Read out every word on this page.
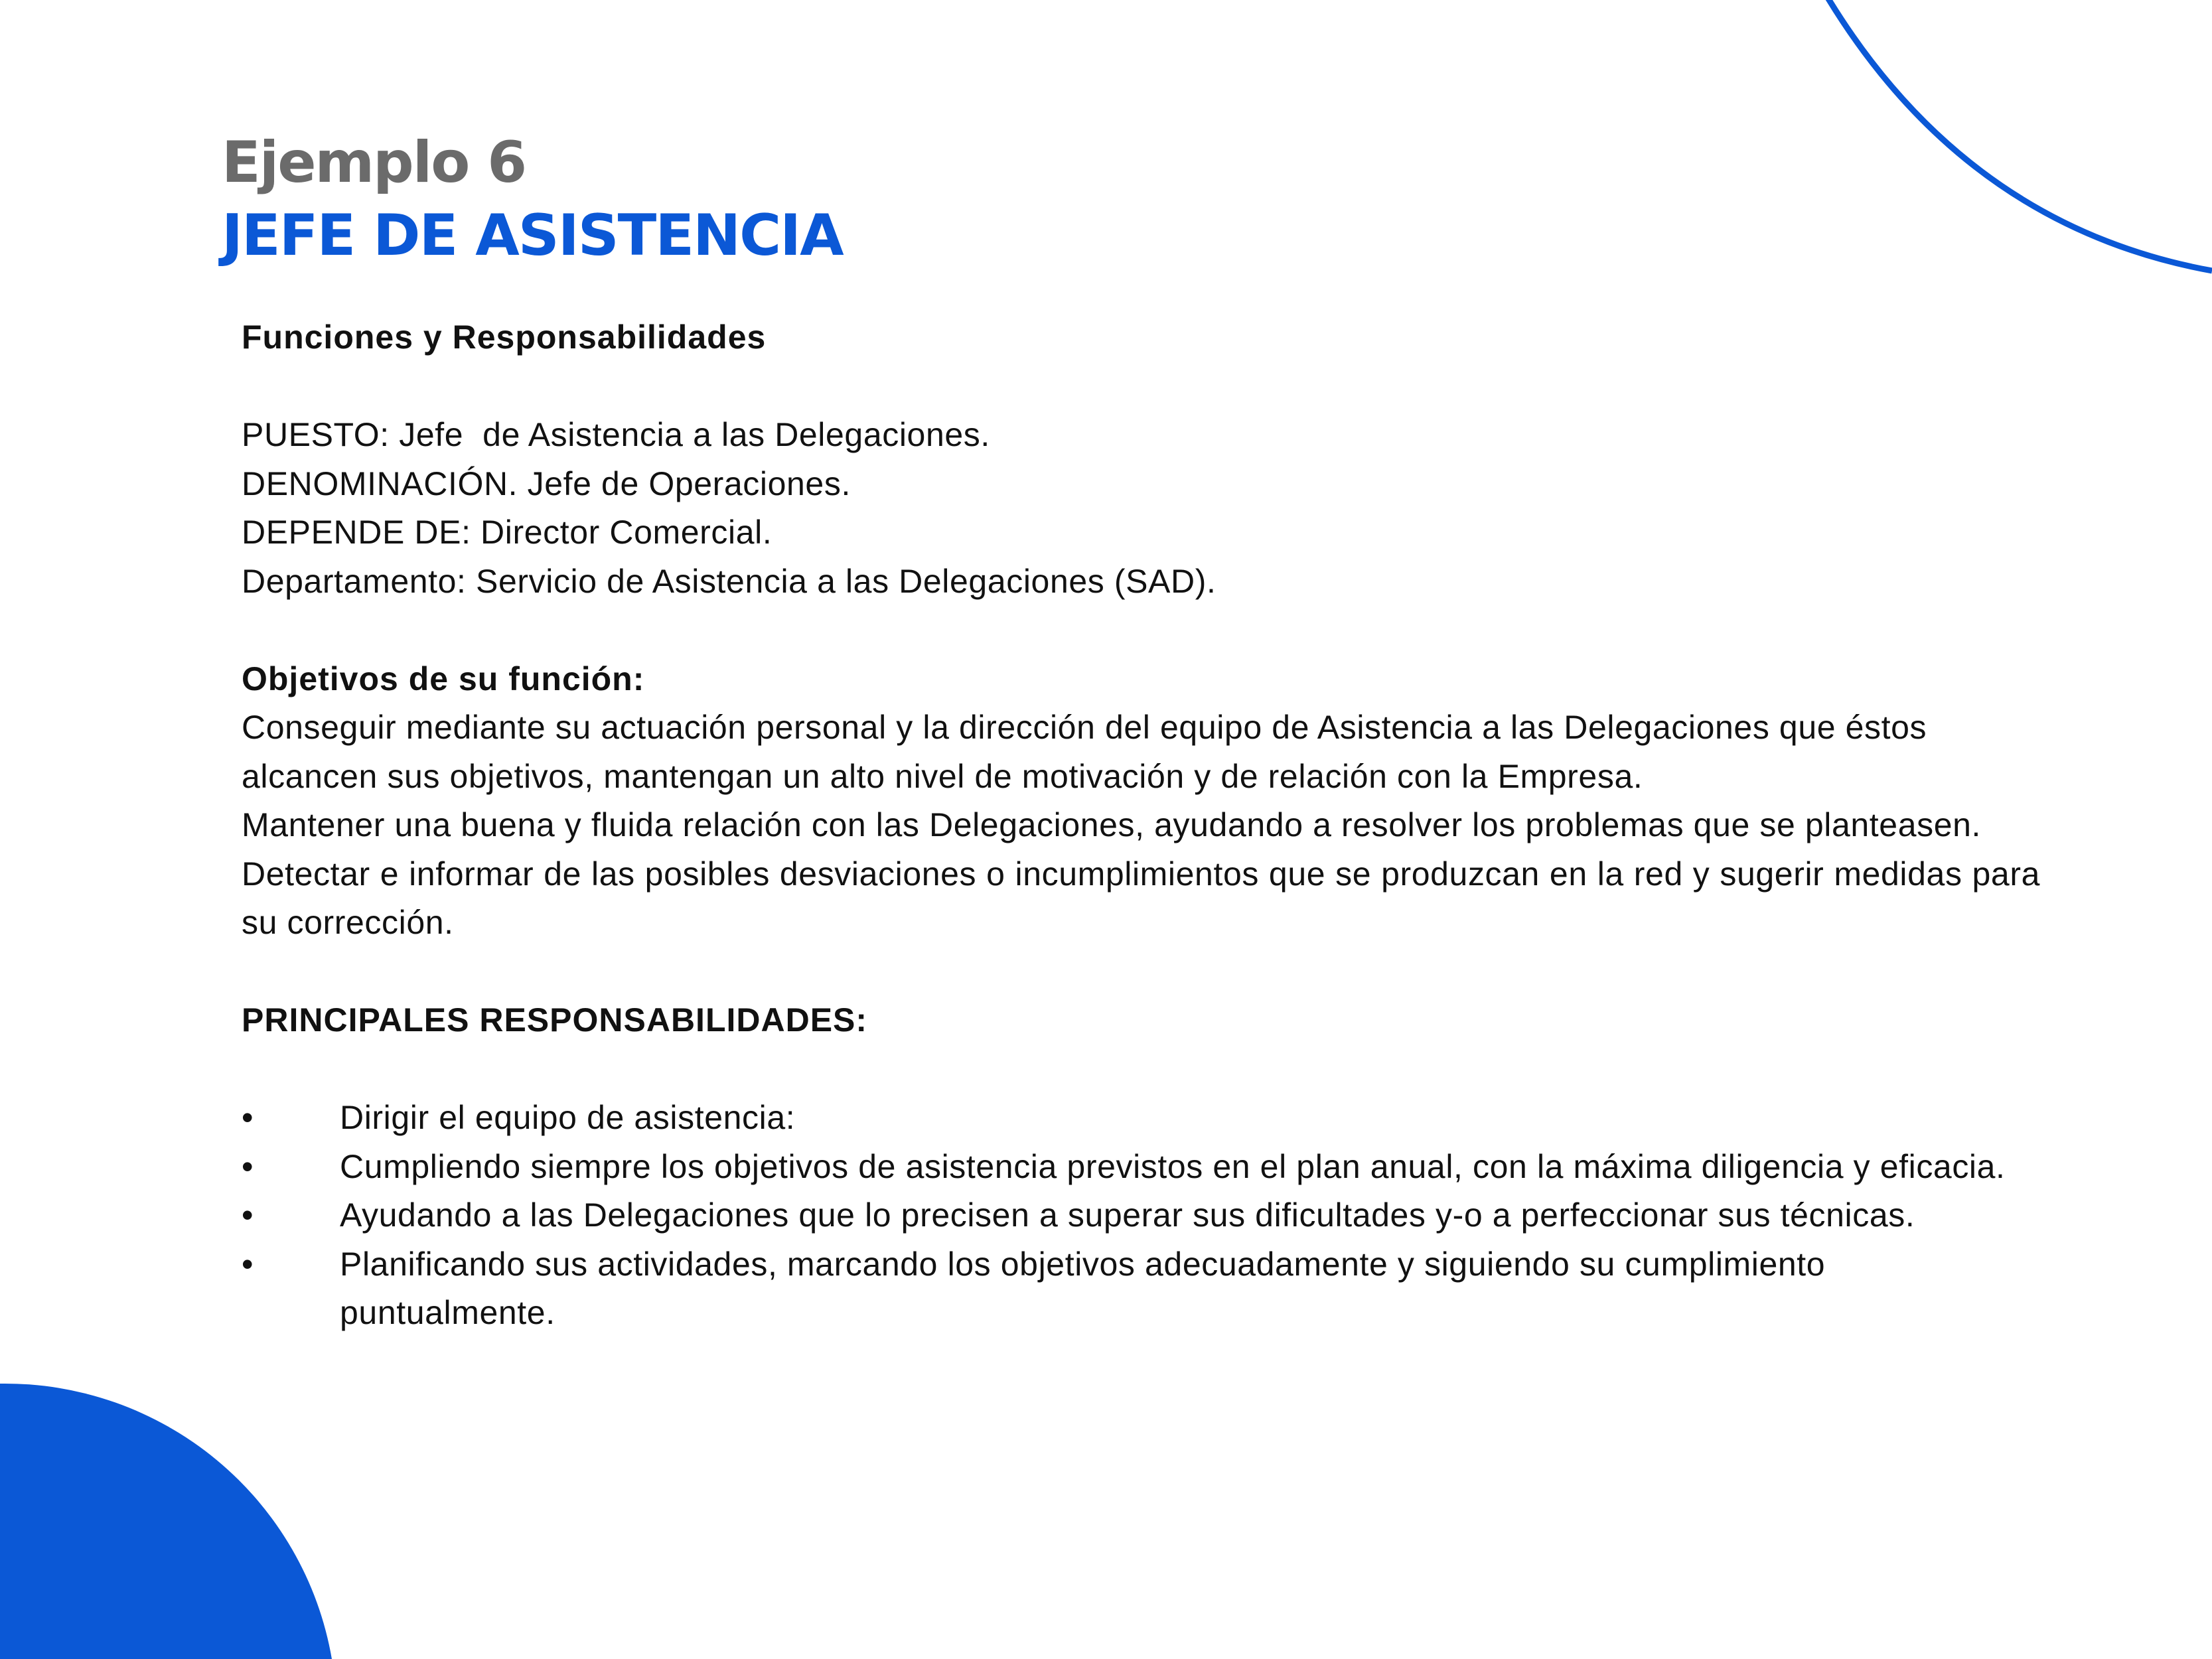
Ejemplo 6
JEFE DE ASISTENCIA

Funciones y Responsabilidades

PUESTO: Jefe  de Asistencia a las Delegaciones.

DENOMINACIÓN. Jefe de Operaciones.

DEPENDE DE: Director Comercial.

Departamento: Servicio de Asistencia a las Delegaciones (SAD).

Objetivos de su función:

Conseguir mediante su actuación personal y la dirección del equipo de Asistencia a las Delegaciones que éstos alcancen sus objetivos, mantengan un alto nivel de motivación y de relación con la Empresa.

Mantener una buena y fluida relación con las Delegaciones, ayudando a resolver los problemas que se planteasen.

Detectar e informar de las posibles desviaciones o incumplimientos que se produzcan en la red y sugerir medidas para su corrección.

PRINCIPALES RESPONSABILIDADES:

•	Dirigir el equipo de asistencia:
•	Cumpliendo siempre los objetivos de asistencia previstos en el plan anual, con la máxima diligencia y eficacia.
•	Ayudando a las Delegaciones que lo precisen a superar sus dificultades y-o a perfeccionar sus técnicas.
•	Planificando sus actividades, marcando los objetivos adecuadamente y siguiendo su cumplimiento puntualmente.
